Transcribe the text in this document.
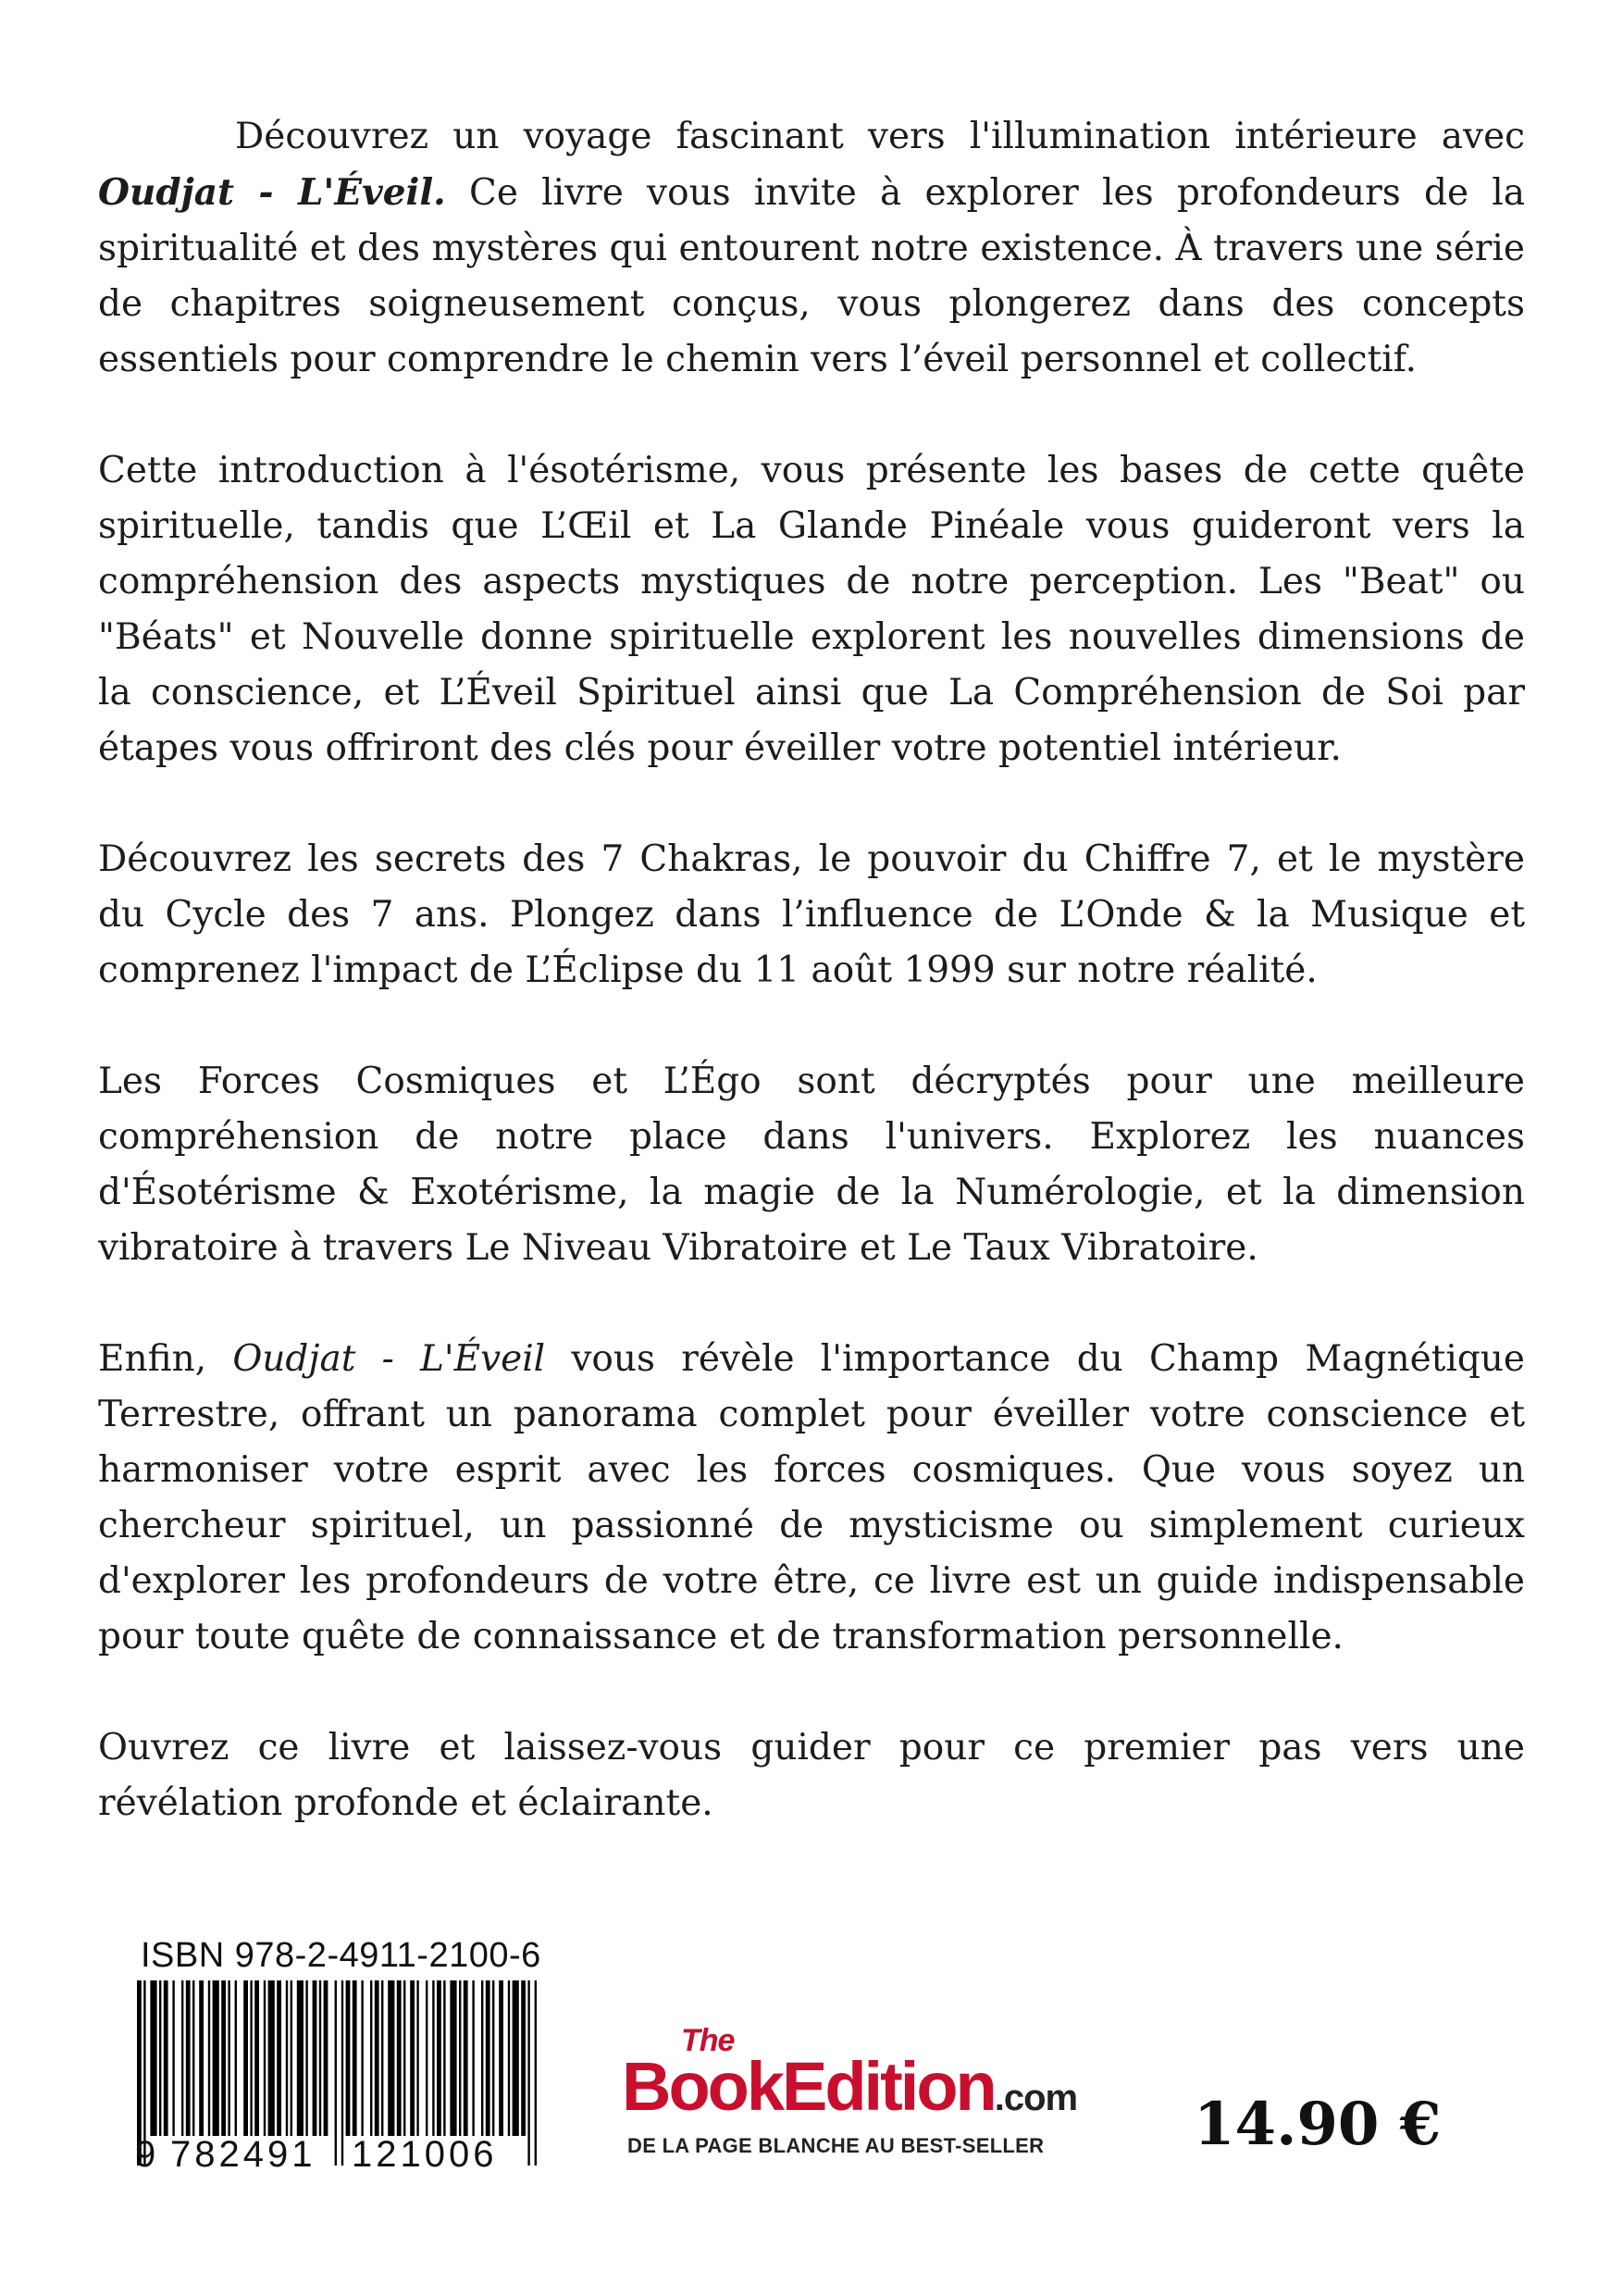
Découvrez un voyage fascinant vers l'illumination intérieure avec Oudjat - L'Éveil. Ce livre vous invite à explorer les profondeurs de la spiritualité et des mystères qui entourent notre existence. À travers une série de chapitres soigneusement conçus, vous plongerez dans des concepts essentiels pour comprendre le chemin vers l’éveil personnel et collectif.

Cette introduction à l'ésotérisme, vous présente les bases de cette quête spirituelle, tandis que L’Œil et La Glande Pinéale vous guideront vers la compréhension des aspects mystiques de notre perception. Les "Beat" ou "Béats" et Nouvelle donne spirituelle explorent les nouvelles dimensions de la conscience, et L’Éveil Spirituel ainsi que La Compréhension de Soi par étapes vous offriront des clés pour éveiller votre potentiel intérieur.

Découvrez les secrets des 7 Chakras, le pouvoir du Chiffre 7, et le mystère du Cycle des 7 ans. Plongez dans l’influence de L’Onde & la Musique et comprenez l'impact de L’Éclipse du 11 août 1999 sur notre réalité.

Les Forces Cosmiques et L’Égo sont décryptés pour une meilleure compréhension de notre place dans l'univers. Explorez les nuances d'Ésotérisme & Exotérisme, la magie de la Numérologie, et la dimension vibratoire à travers Le Niveau Vibratoire et Le Taux Vibratoire.

Enfin, Oudjat - L'Éveil vous révèle l'importance du Champ Magnétique Terrestre, offrant un panorama complet pour éveiller votre conscience et harmoniser votre esprit avec les forces cosmiques. Que vous soyez un chercheur spirituel, un passionné de mysticisme ou simplement curieux d'explorer les profondeurs de votre être, ce livre est un guide indispensable pour toute quête de connaissance et de transformation personnelle.

Ouvrez ce livre et laissez-vous guider pour ce premier pas vers une révélation profonde et éclairante.

ISBN 978-2-4911-2100-6
9 782491 121006
The
BookEdition.com
DE LA PAGE BLANCHE AU BEST-SELLER	14.90 €
